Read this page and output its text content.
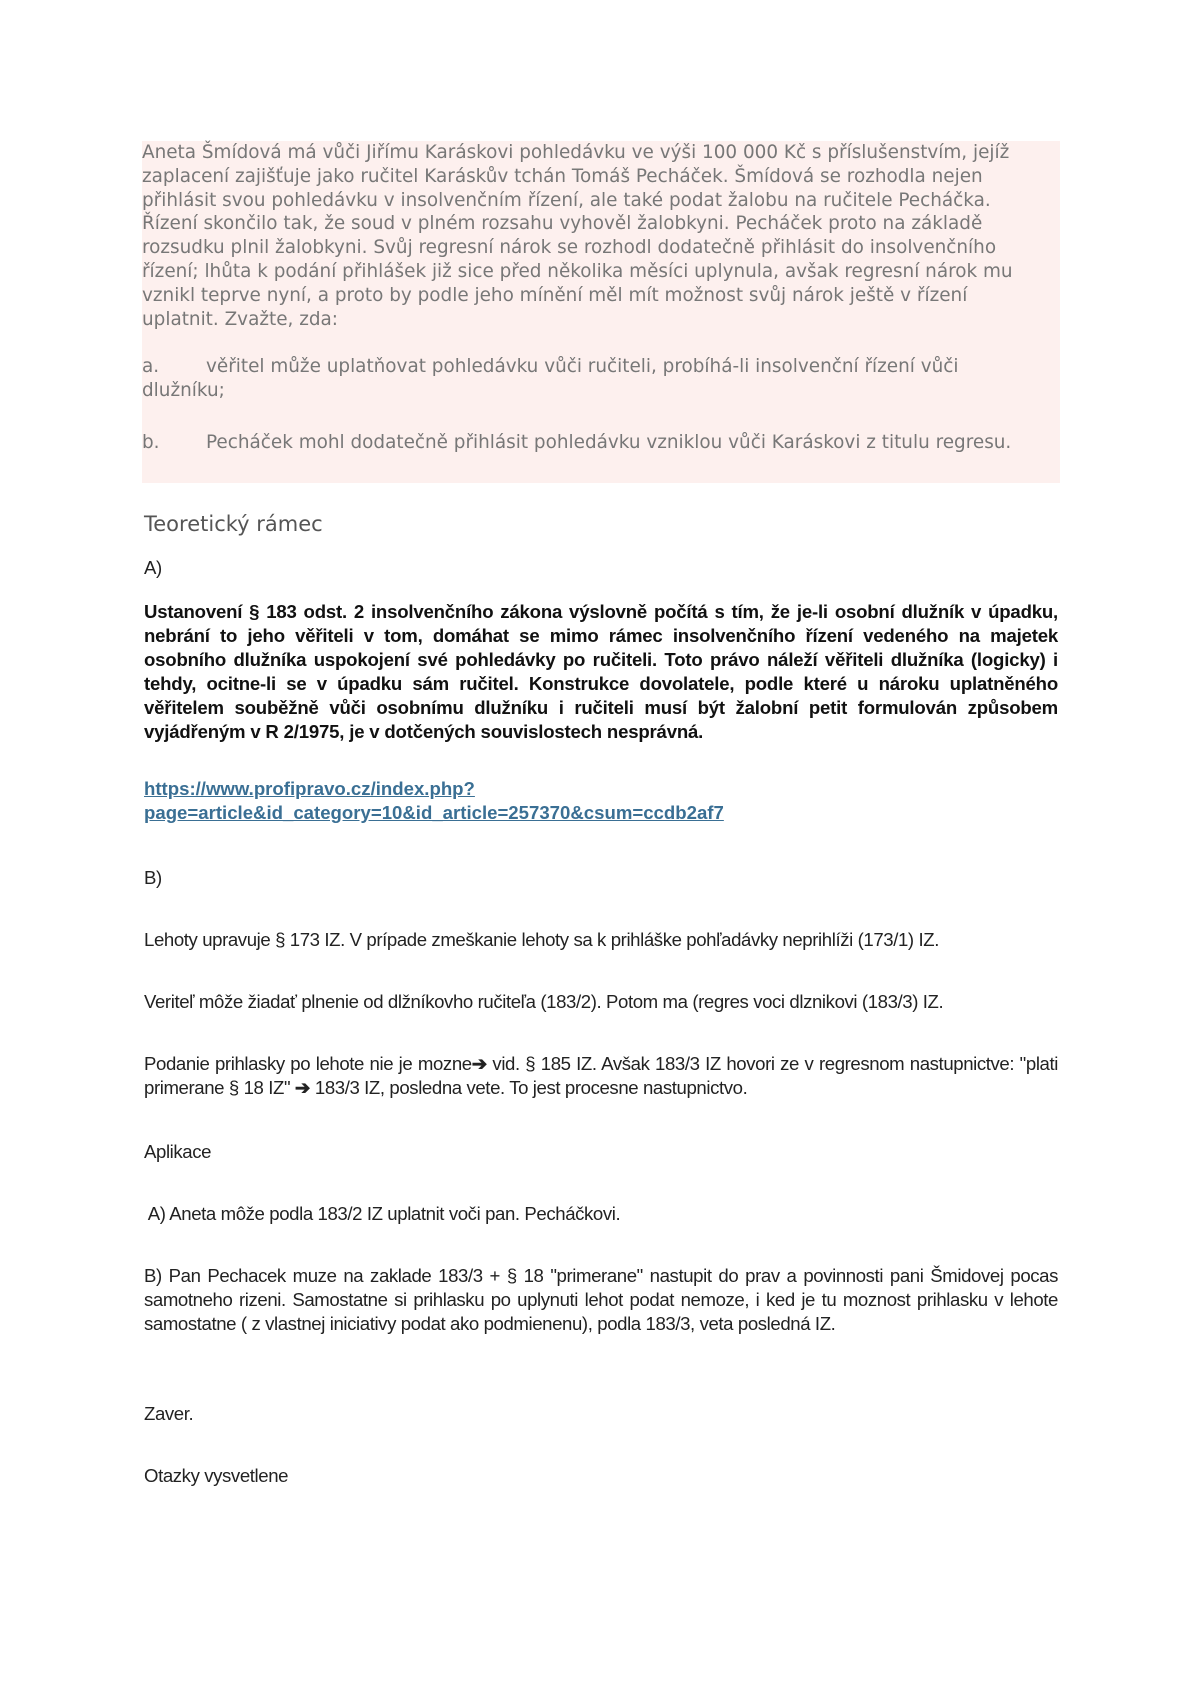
Aneta Šmídová má vůči Jiřímu Karáskovi pohledávku ve výši 100 000 Kč s příslušenstvím, jejíž zaplacení zajišťuje jako ručitel Karáskův tchán Tomáš Pecháček. Šmídová se rozhodla nejen přihlásit svou pohledávku v insolvenčním řízení, ale také podat žalobu na ručitele Pecháčka. Řízení skončilo tak, že soud v plném rozsahu vyhověl žalobkyni. Pecháček proto na základě rozsudku plnil žalobkyni. Svůj regresní nárok se rozhodl dodatečně přihlásit do insolvenčního řízení; lhůta k podání přihlášek již sice před několika měsíci uplynula, avšak regresní nárok mu vznikl teprve nyní, a proto by podle jeho mínění měl mít možnost svůj nárok ještě v řízení uplatnit. Zvažte, zda:

a.	věřitel může uplatňovat pohledávku vůči ručiteli, probíhá-li insolvenční řízení vůči dlužníku;

b.	Pecháček mohl dodatečně přihlásit pohledávku vzniklou vůči Karáskovi z titulu regresu.

Teoretický rámec

A)

Ustanovení § 183 odst. 2 insolvenčního zákona výslovně počítá s tím, že je-li osobní dlužník v úpadku, nebrání to jeho věřiteli v tom, domáhat se mimo rámec insolvenčního řízení vedeného na majetek osobního dlužníka uspokojení své pohledávky po ručiteli. Toto právo náleží věřiteli dlužníka (logicky) i tehdy, ocitne-li se v úpadku sám ručitel. Konstrukce dovolatele, podle které u nároku uplatněného věřitelem souběžně vůči osobnímu dlužníku i ručiteli musí být žalobní petit formulován způsobem vyjádřeným v R 2/1975, je v dotčených souvislostech nesprávná.

https://www.profipravo.cz/index.php?
page=article&id_category=10&id_article=257370&csum=ccdb2af7

B)

Lehoty upravuje § 173 IZ. V prípade zmeškanie lehoty sa k prihláške pohľadávky neprihlíži (173/1) IZ.

Veriteľ môže žiadať plnenie od dlžníkovho ručiteľa (183/2). Potom ma (regres voci dlznikovi (183/3) IZ.

Podanie prihlasky po lehote nie je mozne➔ vid. § 185 IZ. Avšak 183/3 IZ hovori ze v regresnom nastupnictve: "plati primerane § 18 IZ" ➔ 183/3 IZ, posledna vete. To jest procesne nastupnictvo.

Aplikace

A) Aneta môže podla 183/2 IZ uplatnit voči pan. Pecháčkovi.

B) Pan Pechacek muze na zaklade 183/3 + § 18 "primerane" nastupit do prav a povinnosti pani Šmidovej pocas samotneho rizeni. Samostatne si prihlasku po uplynuti lehot podat nemoze, i ked je tu moznost prihlasku v lehote samostatne ( z vlastnej iniciativy podat ako podmienenu), podla 183/3, veta posledná IZ.

Zaver.

Otazky vysvetlene
